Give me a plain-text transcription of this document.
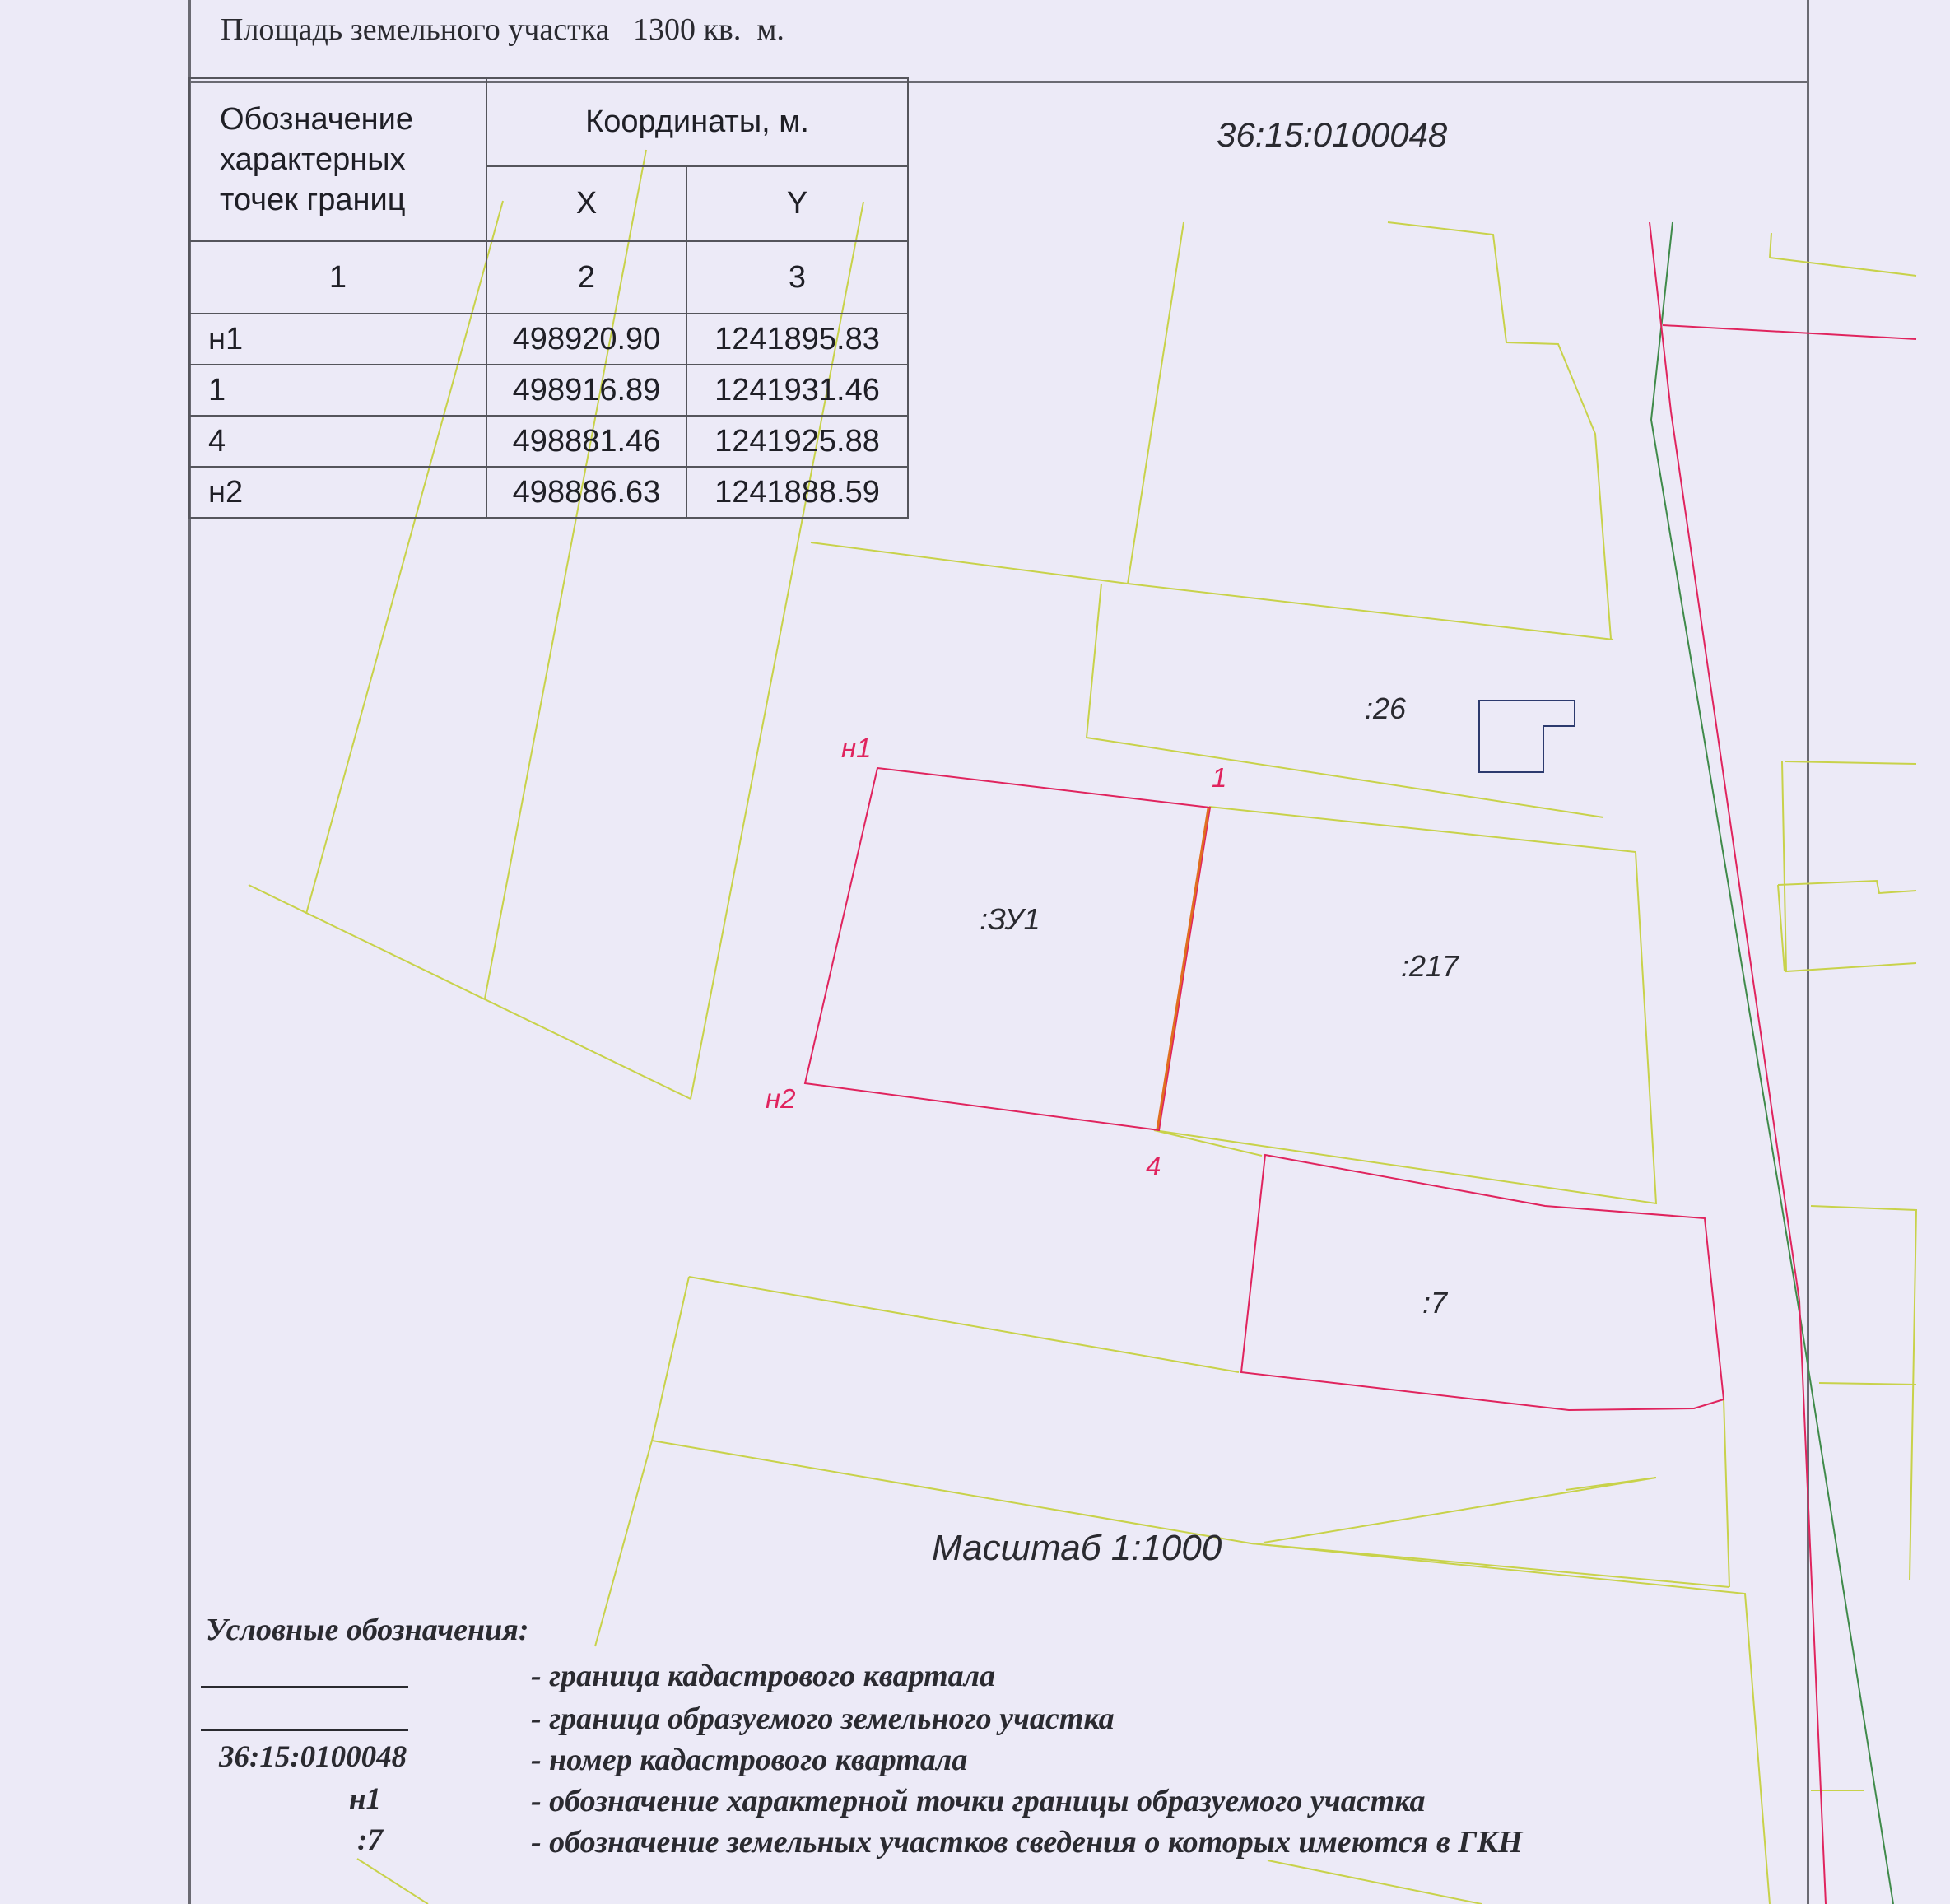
Площадь земельного участка   1300 кв.  м.
Обозначение характерных точек границ	Координаты, м.	
	X	Y
1	2	3
н1	498920.90	1241895.83
1	498916.89	1241931.46
4	498881.46	1241925.88
н2	498886.63	1241888.59
36:15:0100048
:ЗУ1
:217
:26
:7
н1
1
4
н2
Масштаб 1:1000
Условные обозначения:
- граница кадастрового квартала
- граница образуемого земельного участка
36:15:0100048	- номер кадастрового квартала
н1	- обозначение характерной точки границы образуемого участка
:7	- обозначение земельных участков сведения о которых имеются в ГКН
